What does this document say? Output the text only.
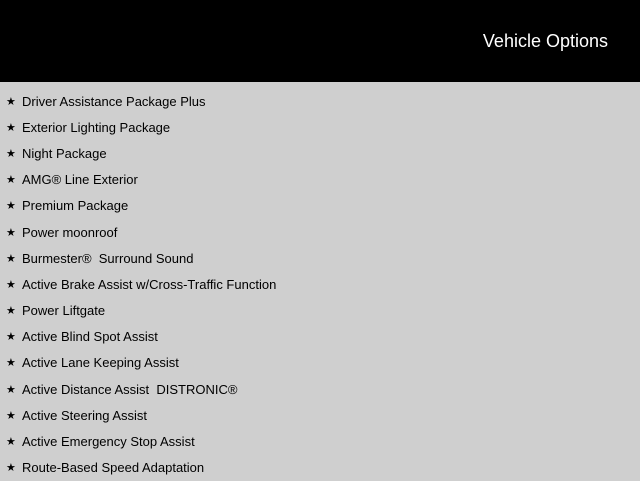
Vehicle Options
★ Driver Assistance Package Plus
★ Exterior Lighting Package
★ Night Package
★ AMG® Line Exterior
★ Premium Package
★ Power moonroof
★ Burmester®  Surround Sound
★ Active Brake Assist w/Cross-Traffic Function
★ Power Liftgate
★ Active Blind Spot Assist
★ Active Lane Keeping Assist
★ Active Distance Assist  DISTRONIC®
★ Active Steering Assist
★ Active Emergency Stop Assist
★ Route-Based Speed Adaptation
